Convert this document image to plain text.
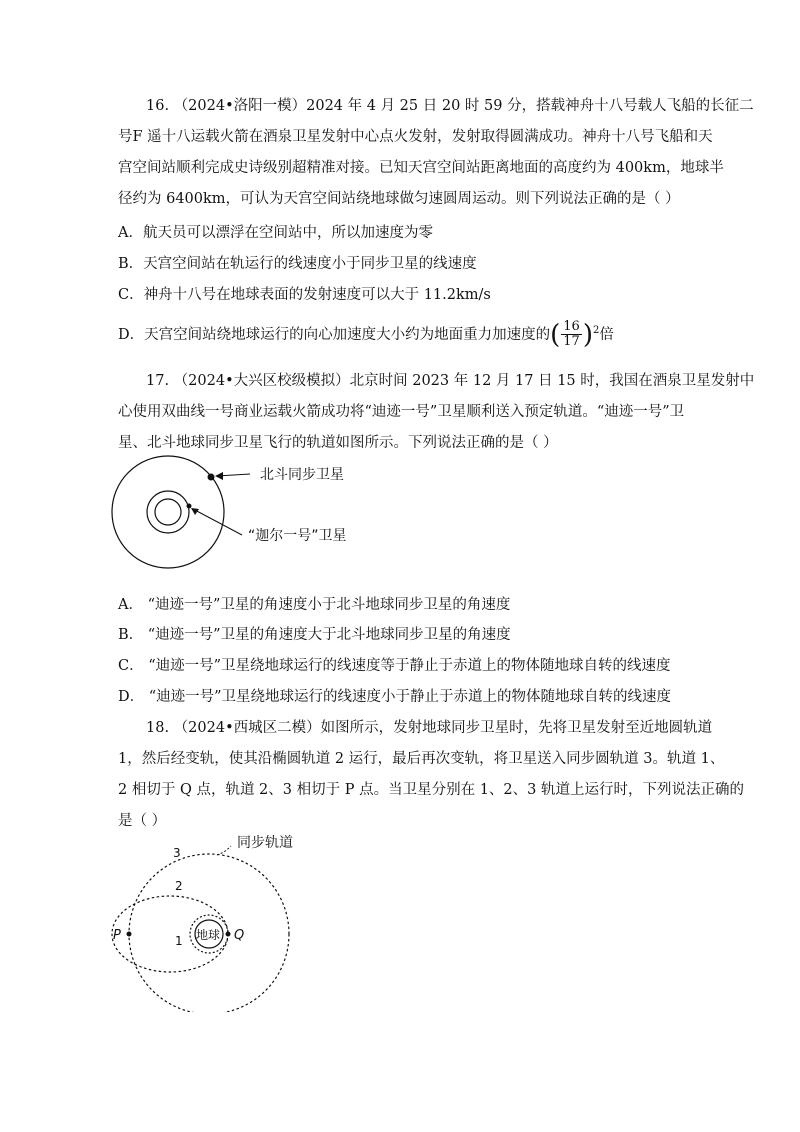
16. （2024•洛阳一模）2024 年 4 月 25 日 20 时 59 分，搭载神舟十八号载人飞船的长征二
号F 遥十八运载火箭在酒泉卫星发射中心点火发射，发射取得圆满成功。神舟十八号飞船和天
宫空间站顺利完成史诗级别超精准对接。已知天宫空间站距离地面的高度约为 400km，地球半
径约为 6400km，可认为天宫空间站绕地球做匀速圆周运动。则下列说法正确的是（ ）
A．航天员可以漂浮在空间站中，所以加速度为零
B．天宫空间站在轨运行的线速度小于同步卫星的线速度
C．神舟十八号在地球表面的发射速度可以大于 11.2km/s
D．天宫空间站绕地球运行的向心加速度大小约为地面重力加速度的( $\frac{16}{17} )^2$倍
17. （2024•大兴区校级模拟）北京时间 2023 年 12 月 17 日 15 时，我国在酒泉卫星发射中
心使用双曲线一号商业运载火箭成功将“迪迹一号”卫星顺利送入预定轨道。“迪迹一号”卫
星、北斗地球同步卫星飞行的轨道如图所示。下列说法正确的是（ ）
北斗同步卫星
“迦尔一号”卫星
A． “迪迹一号”卫星的角速度小于北斗地球同步卫星的角速度
B． “迪迹一号”卫星的角速度大于北斗地球同步卫星的角速度
C． “迪迹一号”卫星绕地球运行的线速度等于静止于赤道上的物体随地球自转的线速度
D． “迪迹一号”卫星绕地球运行的线速度小于静止于赤道上的物体随地球自转的线速度
18. （2024•西城区二模）如图所示，发射地球同步卫星时，先将卫星发射至近地圆轨道
1，然后经变轨，使其沿椭圆轨道 2 运行，最后再次变轨，将卫星送入同步圆轨道 3。轨道 1、
2 相切于 Q 点，轨道 2、3 相切于 P 点。当卫星分别在 1、2、3 轨道上运行时，下列说法正确的
是（ ）
同步轨道
3
2
1
P	Q
地球
